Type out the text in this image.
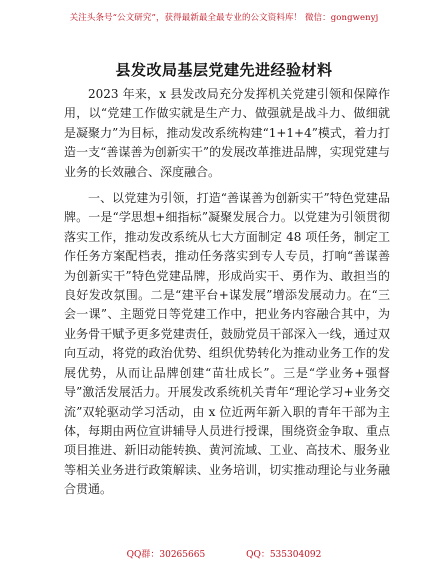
关注头条号“公文研究”，获得最新最全最专业的公文资料库！ 微信：gongwenyj
县发改局基层党建先进经验材料

2023 年来，x 县发改局充分发挥机关党建引领和保障作用，以“党建工作做实就是生产力、做强就是战斗力、做细就是凝聚力”为目标，推动发改系统构建“1+1+4”模式，着力打造一支“善谋善为创新实干”的发展改革推进品牌，实现党建与业务的长效融合、深度融合。

一、以党建为引领，打造“善谋善为创新实干”特色党建品牌。一是“学思想+细指标”凝聚发展合力。以党建为引领贯彻落实工作，推动发改系统从七大方面制定 48 项任务，制定工作任务方案配档表，推动任务落实到专人专员，打响“善谋善为创新实干”特色党建品牌，形成尚实干、勇作为、敢担当的良好发改氛围。二是“建平台+谋发展”增添发展动力。在“三会一课”、主题党日等党建工作中，把业务内容融合其中，为业务骨干赋予更多党建责任，鼓励党员干部深入一线，通过双向互动，将党的政治优势、组织优势转化为推动业务工作的发展优势，从而让品牌创建“苗壮成长”。三是“学业务+强督导”激活发展活力。开展发改系统机关青年“理论学习+业务交流”双轮驱动学习活动，由 x 位近两年新入职的青年干部为主体，每期由两位宣讲辅导人员进行授课，围绕资金争取、重点项目推进、新旧动能转换、黄河流域、工业、高技术、服务业等相关业务进行政策解读、业务培训，切实推动理论与业务融合贯通。

QQ群：30265665	QQ：535304092
